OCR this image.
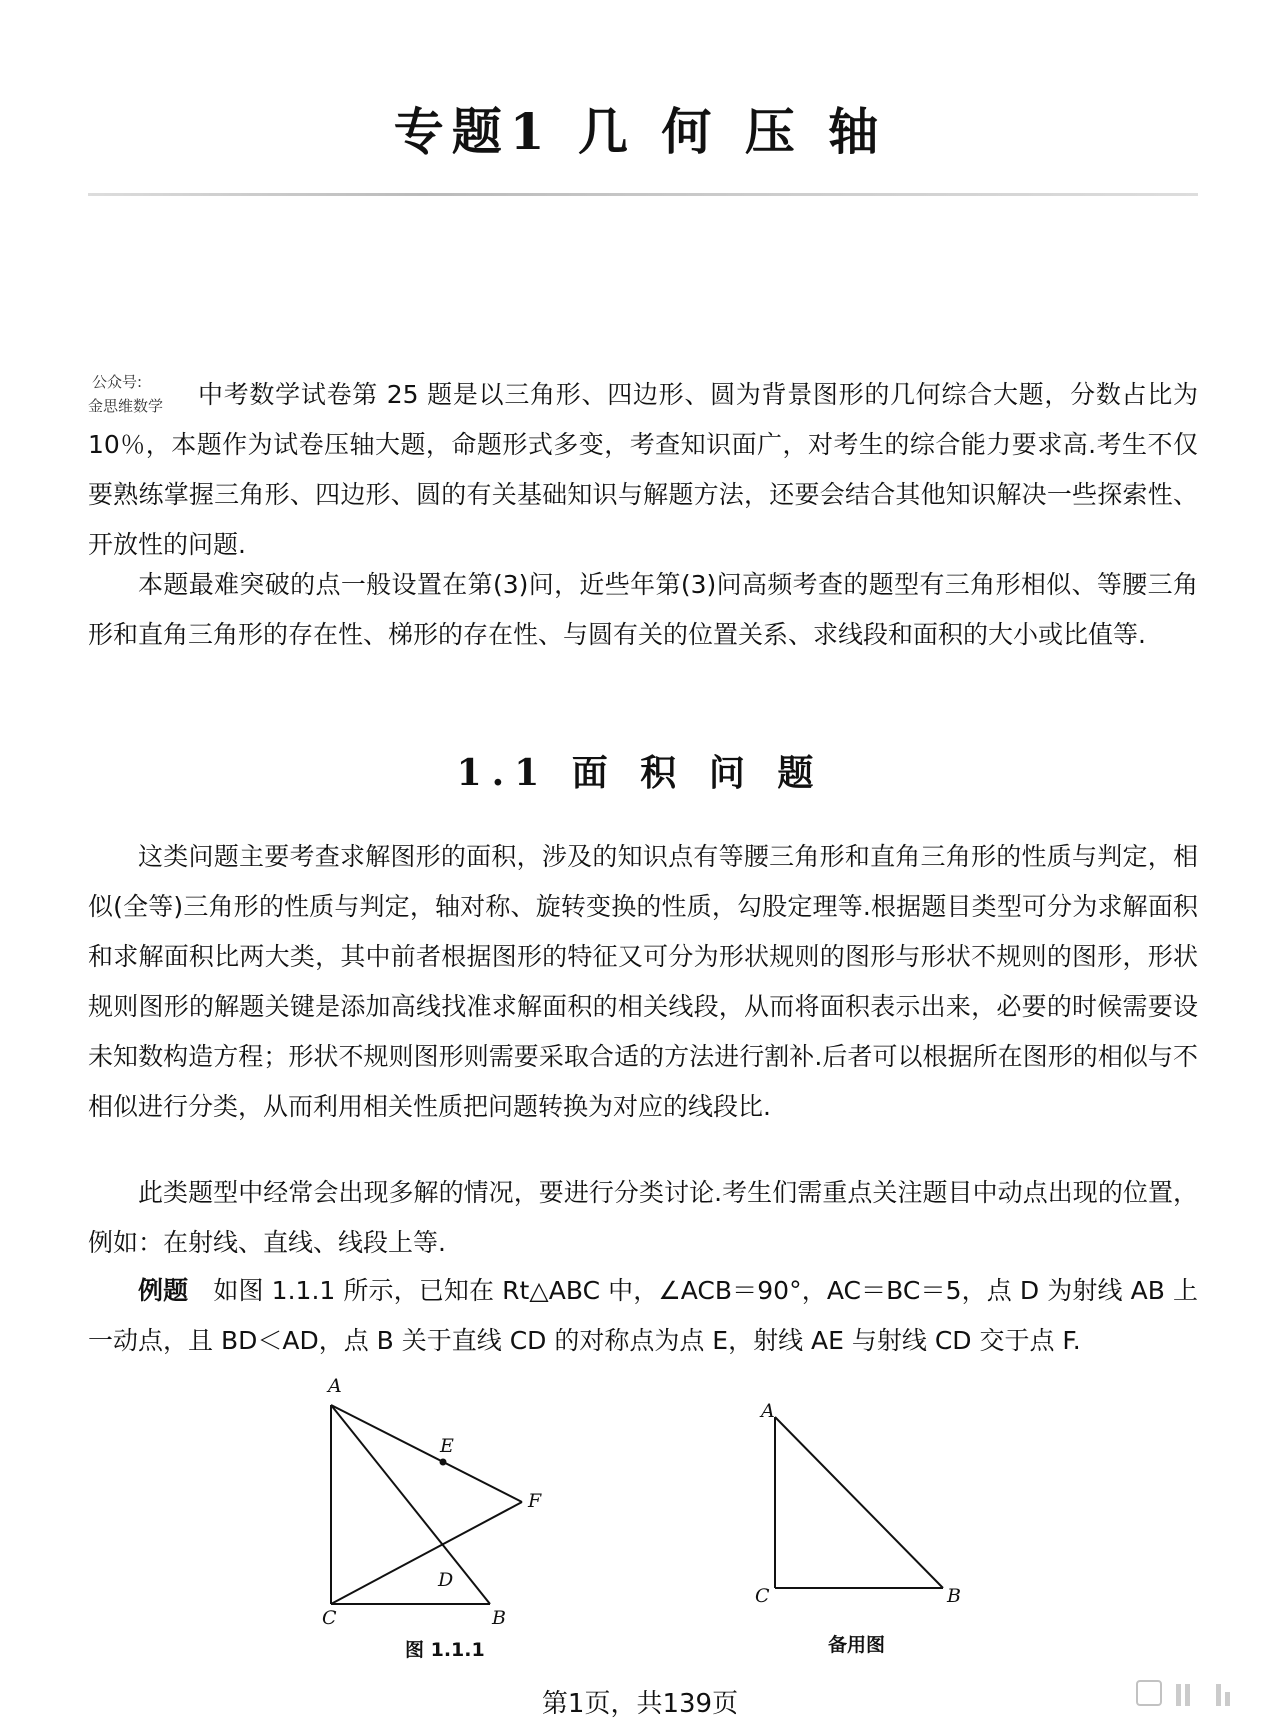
专题1 几 何 压 轴
公众号:
金思维数学	中考数学试卷第 25 题是以三角形、四边形、圆为背景图形的几何综合大题，分数占比为 10％，本题作为试卷压轴大题，命题形式多变，考查知识面广，对考生的综合能力要求高.考生不仅要熟练掌握三角形、四边形、圆的有关基础知识与解题方法，还要会结合其他知识解决一些探索性、开放性的问题.
本题最难突破的点一般设置在第(3)问，近些年第(3)问高频考查的题型有三角形相似、等腰三角形和直角三角形的存在性、梯形的存在性、与圆有关的位置关系、求线段和面积的大小或比值等.
1.1 面 积 问 题
这类问题主要考查求解图形的面积，涉及的知识点有等腰三角形和直角三角形的性质与判定，相似(全等)三角形的性质与判定，轴对称、旋转变换的性质，勾股定理等.根据题目类型可分为求解面积和求解面积比两大类，其中前者根据图形的特征又可分为形状规则的图形与形状不规则的图形，形状规则图形的解题关键是添加高线找准求解面积的相关线段，从而将面积表示出来，必要的时候需要设未知数构造方程；形状不规则图形则需要采取合适的方法进行割补.后者可以根据所在图形的相似与不相似进行分类，从而利用相关性质把问题转换为对应的线段比.
此类题型中经常会出现多解的情况，要进行分类讨论.考生们需重点关注题目中动点出现的位置，例如：在射线、直线、线段上等.
例题　 如图 1.1.1 所示，已知在 Rt△ABC 中，∠ACB＝90°，AC＝BC＝5，点 D 为射线 AB 上一动点，且 BD＜AD，点 B 关于直线 CD 的对称点为点 E，射线 AE 与射线 CD 交于点 F.
A
C	B
D
E
F
图 1.1.1
A
C	B
备用图
第1页，共139页
